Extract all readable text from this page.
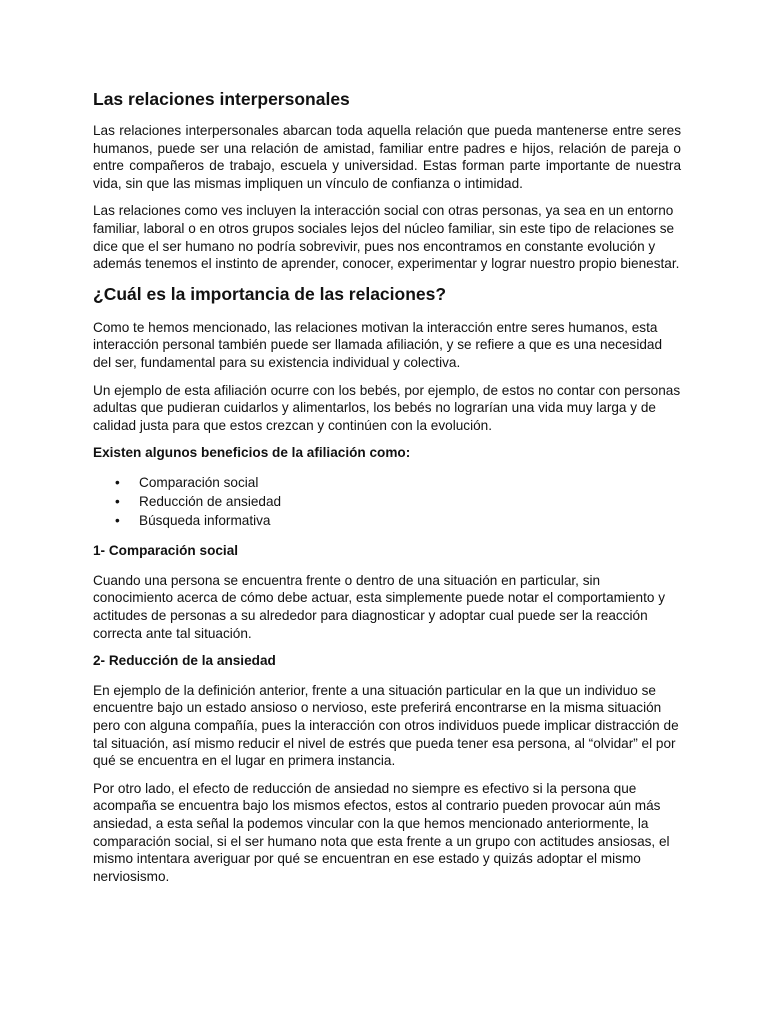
Las relaciones interpersonales

Las relaciones interpersonales abarcan toda aquella relación que pueda mantenerse entre seres humanos, puede ser una relación de amistad, familiar entre padres e hijos, relación de pareja o entre compañeros de trabajo, escuela y universidad. Estas forman parte importante de nuestra vida, sin que las mismas impliquen un vínculo de confianza o intimidad.

Las relaciones como ves incluyen la interacción social con otras personas, ya sea en un entorno familiar, laboral o en otros grupos sociales lejos del núcleo familiar, sin este tipo de relaciones se dice que el ser humano no podría sobrevivir, pues nos encontramos en constante evolución y además tenemos el instinto de aprender, conocer, experimentar y lograr nuestro propio bienestar.

¿Cuál es la importancia de las relaciones?

Como te hemos mencionado, las relaciones motivan la interacción entre seres humanos, esta interacción personal también puede ser llamada afiliación, y se refiere a que es una necesidad del ser, fundamental para su existencia individual y colectiva.

Un ejemplo de esta afiliación ocurre con los bebés, por ejemplo, de estos no contar con personas adultas que pudieran cuidarlos y alimentarlos, los bebés no lograrían una vida muy larga y de calidad justa para que estos crezcan y continúen con la evolución.

Existen algunos beneficios de la afiliación como:
• Comparación social
• Reducción de ansiedad
• Búsqueda informativa
1- Comparación social

Cuando una persona se encuentra frente o dentro de una situación en particular, sin conocimiento acerca de cómo debe actuar, esta simplemente puede notar el comportamiento y actitudes de personas a su alrededor para diagnosticar y adoptar cual puede ser la reacción correcta ante tal situación.

2- Reducción de la ansiedad

En ejemplo de la definición anterior, frente a una situación particular en la que un individuo se encuentre bajo un estado ansioso o nervioso, este preferirá encontrarse en la misma situación pero con alguna compañía, pues la interacción con otros individuos puede implicar distracción de tal situación, así mismo reducir el nivel de estrés que pueda tener esa persona, al “olvidar” el por qué se encuentra en el lugar en primera instancia.

Por otro lado, el efecto de reducción de ansiedad no siempre es efectivo si la persona que acompaña se encuentra bajo los mismos efectos, estos al contrario pueden provocar aún más ansiedad, a esta señal la podemos vincular con la que hemos mencionado anteriormente, la comparación social, si el ser humano nota que esta frente a un grupo con actitudes ansiosas, el mismo intentara averiguar por qué se encuentran en ese estado y quizás adoptar el mismo nerviosismo.
